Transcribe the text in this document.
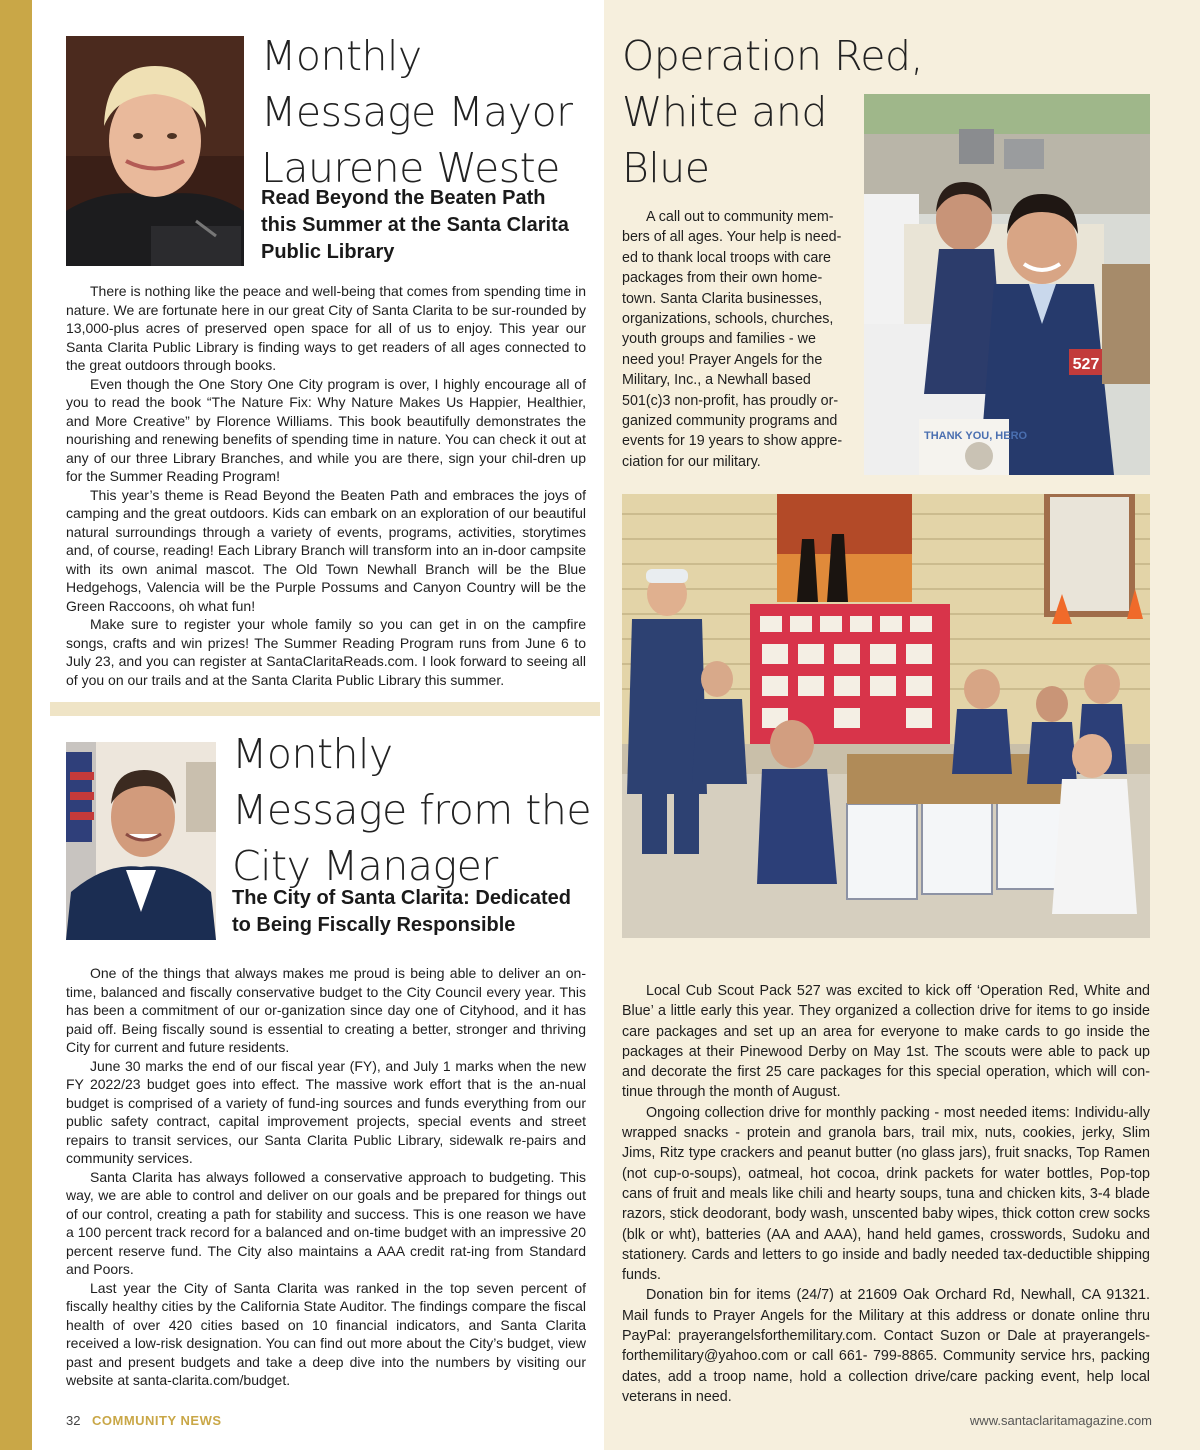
Monthly
Message Mayor
Laurene Weste
Read Beyond the Beaten Path
this Summer at the Santa Clarita
Public Library

There is nothing like the peace and well-being that comes from spending time in nature. We are fortunate here in our great City of Santa Clarita to be sur-rounded by 13,000-plus acres of preserved open space for all of us to enjoy. This year our Santa Clarita Public Library is finding ways to get readers of all ages connected to the great outdoors through books.

Even though the One Story One City program is over, I highly encourage all of you to read the book “The Nature Fix: Why Nature Makes Us Happier, Healthier, and More Creative” by Florence Williams. This book beautifully demonstrates the nourishing and renewing benefits of spending time in nature. You can check it out at any of our three Library Branches, and while you are there, sign your chil-dren up for the Summer Reading Program!

This year’s theme is Read Beyond the Beaten Path and embraces the joys of camping and the great outdoors. Kids can embark on an exploration of our beautiful natural surroundings through a variety of events, programs, activities, storytimes and, of course, reading! Each Library Branch will transform into an in-door campsite with its own animal mascot. The Old Town Newhall Branch will be the Blue Hedgehogs, Valencia will be the Purple Possums and Canyon Country will be the Green Raccoons, oh what fun!

Make sure to register your whole family so you can get in on the campfire songs, crafts and win prizes! The Summer Reading Program runs from June 6 to July 23, and you can register at SantaClaritaReads.com. I look forward to seeing all of you on our trails and at the Santa Clarita Public Library this summer.

Monthly
Message from the
City Manager
The City of Santa Clarita: Dedicated
to Being Fiscally Responsible

One of the things that always makes me proud is being able to deliver an on-time, balanced and fiscally conservative budget to the City Council every year. This has been a commitment of our or-ganization since day one of Cityhood, and it has paid off. Being fiscally sound is essential to creating a better, stronger and thriving City for current and future residents.

June 30 marks the end of our fiscal year (FY), and July 1 marks when the new FY 2022/23 budget goes into effect. The massive work effort that is the an-nual budget is comprised of a variety of fund-ing sources and funds everything from our public safety contract, capital improvement projects, special events and street repairs to transit services, our Santa Clarita Public Library, sidewalk re-pairs and community services.

Santa Clarita has always followed a conservative approach to budgeting. This way, we are able to control and deliver on our goals and be prepared for things out of our control, creating a path for stability and success. This is one reason we have a 100 percent track record for a balanced and on-time budget with an impressive 20 percent reserve fund. The City also maintains a AAA credit rat-ing from Standard and Poors.

Last year the City of Santa Clarita was ranked in the top seven percent of fiscally healthy cities by the California State Auditor. The findings compare the fiscal health of over 420 cities based on 10 financial indicators, and Santa Clarita received a low-risk designation. You can find out more about the City’s budget, view past and present budgets and take a deep dive into the numbers by visiting our website at santa-clarita.com/budget.

Operation Red,
White and
Blue
A call out to community mem-
bers of all ages. Your help is need-
ed to thank local troops with care
packages from their own home-
town. Santa Clarita businesses,
organizations, schools, churches,
youth groups and families - we
need you! Prayer Angels for the
Military, Inc., a Newhall based
501(c)3 non-profit, has proudly or-
ganized community programs and
events for 19 years to show appre-
ciation for our military.
527
THANK YOU, HERO

Local Cub Scout Pack 527 was excited to kick off ‘Operation Red, White and Blue’ a little early this year. They organized a collection drive for items to go inside care packages and set up an area for everyone to make cards to go inside the packages at their Pinewood Derby on May 1st. The scouts were able to pack up and decorate the first 25 care packages for this special operation, which will con-tinue through the month of August.

Ongoing collection drive for monthly packing - most needed items: Individu-ally wrapped snacks - protein and granola bars, trail mix, nuts, cookies, jerky, Slim Jims, Ritz type crackers and peanut butter (no glass jars), fruit snacks, Top Ramen (not cup-o-soups), oatmeal, hot cocoa, drink packets for water bottles, Pop-top cans of fruit and meals like chili and hearty soups, tuna and chicken kits, 3-4 blade razors, stick deodorant, body wash, unscented baby wipes, thick cotton crew socks (blk or wht), batteries (AA and AAA), hand held games, crosswords, Sudoku and stationery. Cards and letters to go inside and badly needed tax-deductible shipping funds.

Donation bin for items (24/7) at 21609 Oak Orchard Rd, Newhall, CA 91321. Mail funds to Prayer Angels for the Military at this address or donate online thru PayPal: prayerangelsforthemilitary.com. Contact Suzon or Dale at prayerangels-forthemilitary@yahoo.com or call 661- 799-8865. Community service hrs, packing dates, add a troop name, hold a collection drive/care packing event, help local veterans in need.

32 COMMUNITY NEWS	www.santaclaritamagazine.com
